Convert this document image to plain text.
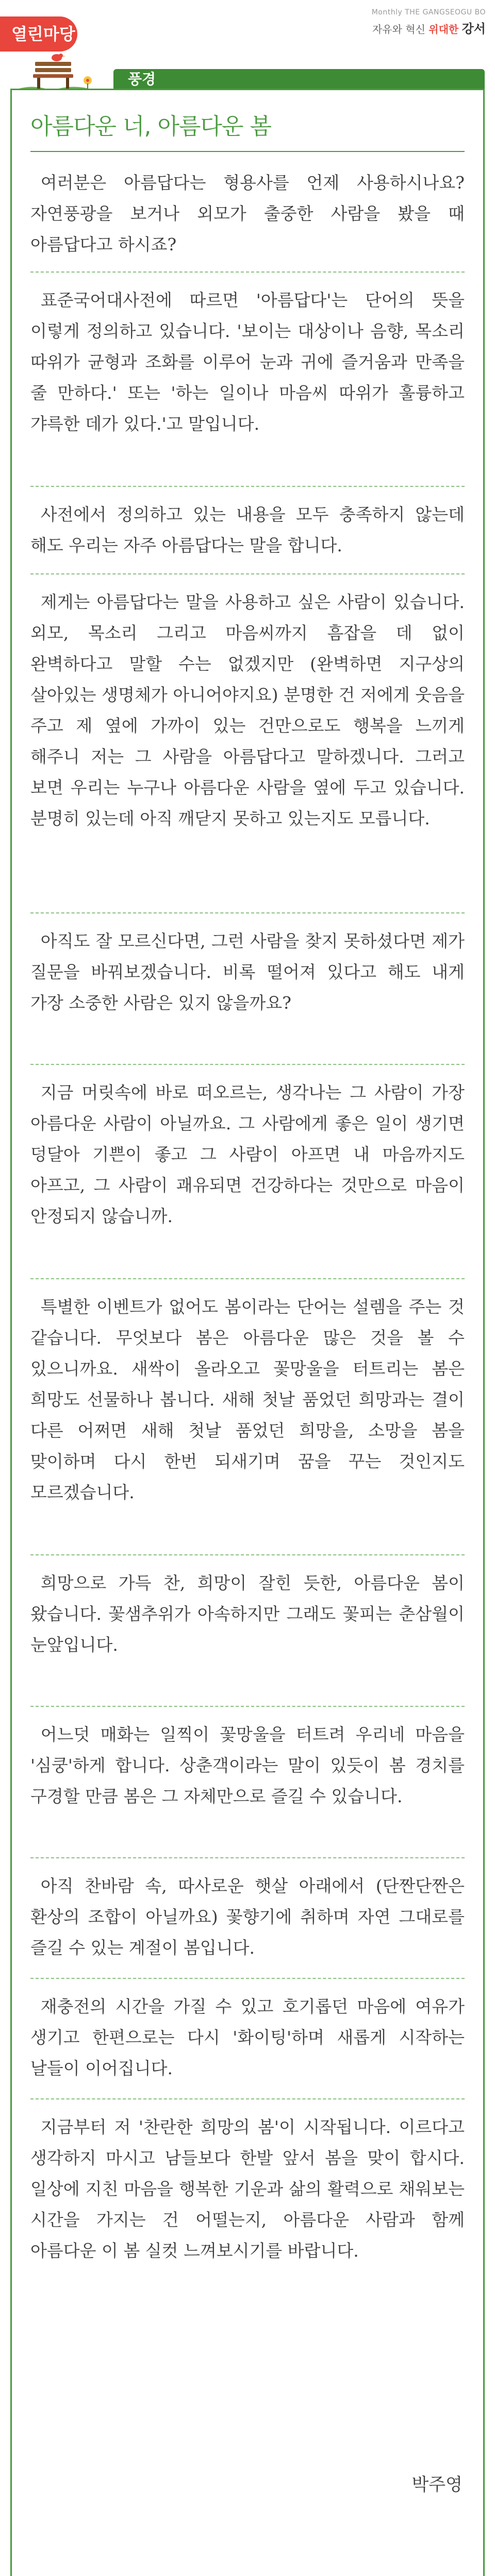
열린마당
Monthly THE GANGSEOGU BO
자유와 혁신 위대한 강서
풍경
아름다운 너, 아름다운 봄
여러분은 아름답다는 형용사를 언제 사용하시나요? 자연풍광을 보거나 외모가 출중한 사람을 봤을 때 아름답다고 하시죠?
표준국어대사전에 따르면 '아름답다'는 단어의 뜻을 이렇게 정의하고 있습니다. '보이는 대상이나 음향, 목소리 따위가 균형과 조화를 이루어 눈과 귀에 즐거움과 만족을 줄 만하다.' 또는 '하는 일이나 마음씨 따위가 훌륭하고 갸륵한 데가 있다.'고 말입니다.
사전에서 정의하고 있는 내용을 모두 충족하지 않는데 해도 우리는 자주 아름답다는 말을 합니다.
제게는 아름답다는 말을 사용하고 싶은 사람이 있습니다. 외모, 목소리 그리고 마음씨까지 흠잡을 데 없이 완벽하다고 말할 수는 없겠지만 (완벽하면 지구상의 살아있는 생명체가 아니어야지요) 분명한 건 저에게 웃음을 주고 제 옆에 가까이 있는 건만으로도 행복을 느끼게 해주니 저는 그 사람을 아름답다고 말하겠니다. 그러고 보면 우리는 누구나 아름다운 사람을 옆에 두고 있습니다. 분명히 있는데 아직 깨닫지 못하고 있는지도 모릅니다.
아직도 잘 모르신다면, 그런 사람을 찾지 못하셨다면 제가 질문을 바꿔보겠습니다. 비록 떨어져 있다고 해도 내게 가장 소중한 사람은 있지 않을까요?
지금 머릿속에 바로 떠오르는, 생각나는 그 사람이 가장 아름다운 사람이 아닐까요. 그 사람에게 좋은 일이 생기면 덩달아 기쁜이 좋고 그 사람이 아프면 내 마음까지도 아프고, 그 사람이 괘유되면 건강하다는 것만으로 마음이 안정되지 않습니까.
특별한 이벤트가 없어도 봄이라는 단어는 설렘을 주는 것 같습니다. 무엇보다 봄은 아름다운 많은 것을 볼 수 있으니까요. 새싹이 올라오고 꽃망울을 터트리는 봄은 희망도 선물하나 봅니다. 새해 첫날 품었던 희망과는 결이 다른 어쩌면 새해 첫날 품었던 희망을, 소망을 봄을 맞이하며 다시 한번 되새기며 꿈을 꾸는 것인지도 모르겠습니다.
희망으로 가득 찬, 희망이 잘힌 듯한, 아름다운 봄이 왔습니다. 꽃샘추위가 아속하지만 그래도 꽃피는 춘삼월이 눈앞입니다.
어느덧 매화는 일찍이 꽃망울을 터트려 우리네 마음을 '심쿵'하게 합니다. 상춘객이라는 말이 있듯이 봄 경치를 구경할 만큼 봄은 그 자체만으로 즐길 수 있습니다.
아직 찬바람 속, 따사로운 햇살 아래에서 (단짠단짠은 환상의 조합이 아닐까요) 꽃향기에 취하며 자연 그대로를 즐길 수 있는 계절이 봄입니다.
재충전의 시간을 가질 수 있고 호기롭던 마음에 여유가 생기고 한편으로는 다시 '화이팅'하며 새롭게 시작하는 날들이 이어집니다.
지금부터 저 '찬란한 희망의 봄'이 시작됩니다. 이르다고 생각하지 마시고 남들보다 한발 앞서 봄을 맞이 합시다. 일상에 지친 마음을 행복한 기운과 삶의 활력으로 채워보는 시간을 가지는 건 어떨는지, 아름다운 사람과 함께 아름다운 이 봄 실컷 느껴보시기를 바랍니다.
박주영
